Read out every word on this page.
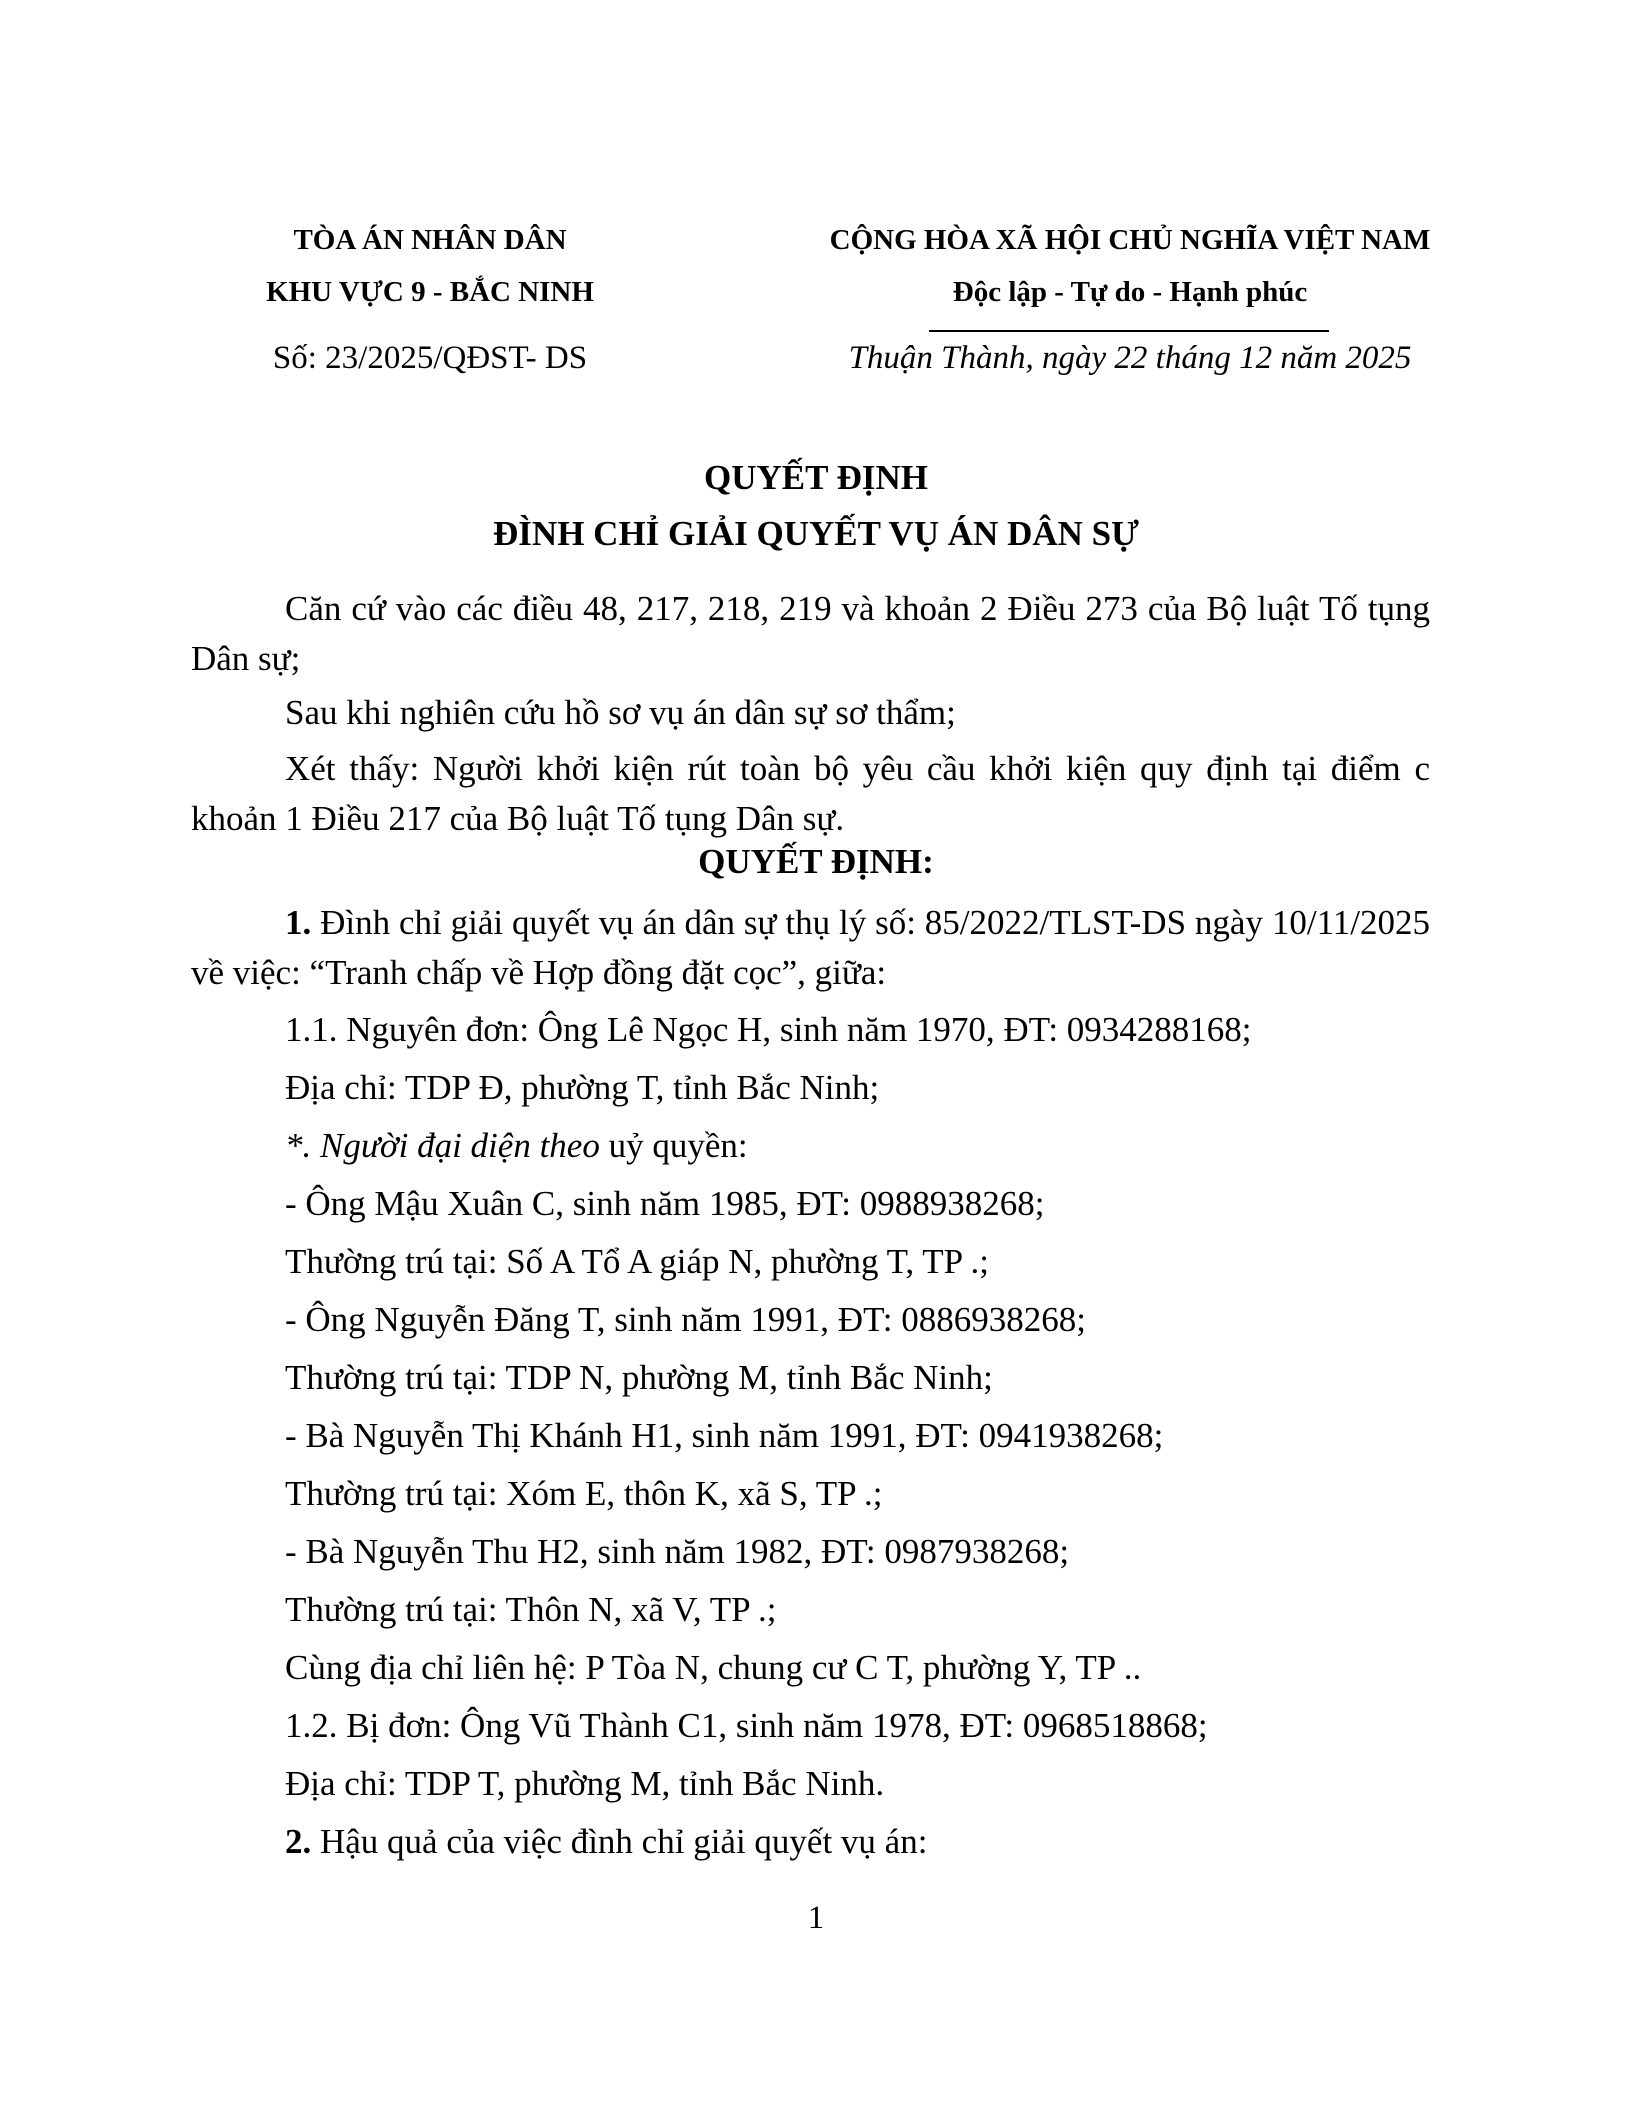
TÒA ÁN NHÂN DÂN
KHU VỰC 9 - BẮC NINH
Số: 23/2025/QĐST- DS
CỘNG HÒA XÃ HỘI CHỦ NGHĨA VIỆT NAM
Độc lập - Tự do - Hạnh phúc
Thuận Thành, ngày 22 tháng 12 năm 2025
QUYẾT ĐỊNH
ĐÌNH CHỈ GIẢI QUYẾT VỤ ÁN DÂN SỰ
Căn cứ vào các điều 48, 217, 218, 219 và khoản 2 Điều 273 của Bộ luật Tố tụng Dân sự;
Sau khi nghiên cứu hồ sơ vụ án dân sự sơ thẩm;
Xét thấy: Người khởi kiện rút toàn bộ yêu cầu khởi kiện quy định tại điểm c khoản 1 Điều 217 của Bộ luật Tố tụng Dân sự.
QUYẾT ĐỊNH:
1. Đình chỉ giải quyết vụ án dân sự thụ lý số: 85/2022/TLST-DS ngày 10/11/2025 về việc: “Tranh chấp về Hợp đồng đặt cọc”, giữa:
1.1. Nguyên đơn: Ông Lê Ngọc H, sinh năm 1970, ĐT: 0934288168;
Địa chỉ: TDP Đ, phường T, tỉnh Bắc Ninh;
*. Người đại diện theo uỷ quyền:
- Ông Mậu Xuân C, sinh năm 1985, ĐT: 0988938268;
Thường trú tại: Số A Tổ A giáp N, phường T, TP .;
- Ông Nguyễn Đăng T, sinh năm 1991, ĐT: 0886938268;
Thường trú tại: TDP N, phường M, tỉnh Bắc Ninh;
- Bà Nguyễn Thị Khánh H1, sinh năm 1991, ĐT: 0941938268;
Thường trú tại: Xóm E, thôn K, xã S, TP .;
- Bà Nguyễn Thu H2, sinh năm 1982, ĐT: 0987938268;
Thường trú tại: Thôn N, xã V, TP .;
Cùng địa chỉ liên hệ: P Tòa N, chung cư C T, phường Y, TP ..
1.2. Bị đơn: Ông Vũ Thành C1, sinh năm 1978, ĐT: 0968518868;
Địa chỉ: TDP T, phường M, tỉnh Bắc Ninh.
2. Hậu quả của việc đình chỉ giải quyết vụ án:
1
